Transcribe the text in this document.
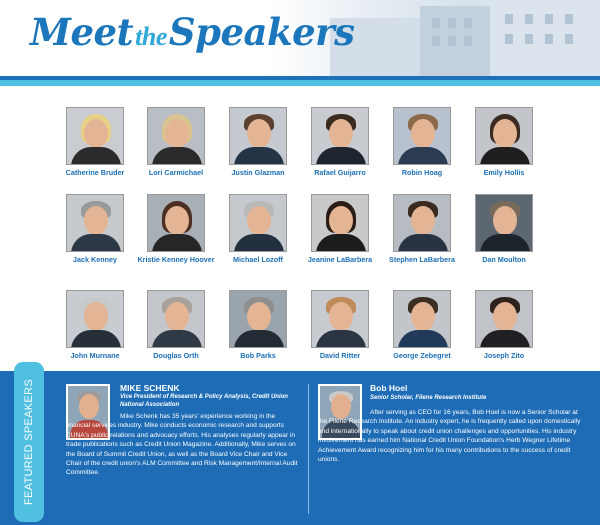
MeettheSpeakers
Catherine Bruder	Lori Carmichael	Justin Glazman	Rafael Guijarro	Robin Hoag	Emily Hollis
Jack Kenney	Kristie Kenney Hoover	Michael Lozoff	Jeanine LaBarbera	Stephen LaBarbera	Dan Moulton
John Murnane	Douglas Orth	Bob Parks	David Ritter	George Zebegret	Joseph Zito
FEATURED SPEAKERS	MIKE SCHENK
Vice President of Research & Policy Analysis, Credit Union National Association
Mike Schenk has 35 years' experience working in the financial services industry. Mike conducts economic research and supports CUNA's public relations and advocacy efforts. His analyses regularly appear in trade publications such as Credit Union Magazine. Additionally, Mike serves on the Board of Summit Credit Union, as well as the Board Vice Chair and Vice Chair of the credit union's ALM Committee and Risk Management/Internal Audit Committee.
Bob Hoel
Senior Scholar, Filene Research Institute
After serving as CEO for 16 years, Bob Hoel is now a Senior Scholar at the Filene Research Institute. An industry expert, he is frequently called upon domestically and internationally to speak about credit union challenges and opportunities. His industry involvement has earned him National Credit Union Foundation's Herb Wegner Lifetime Achievement Award recognizing him for his many contributions to the success of credit unions.
